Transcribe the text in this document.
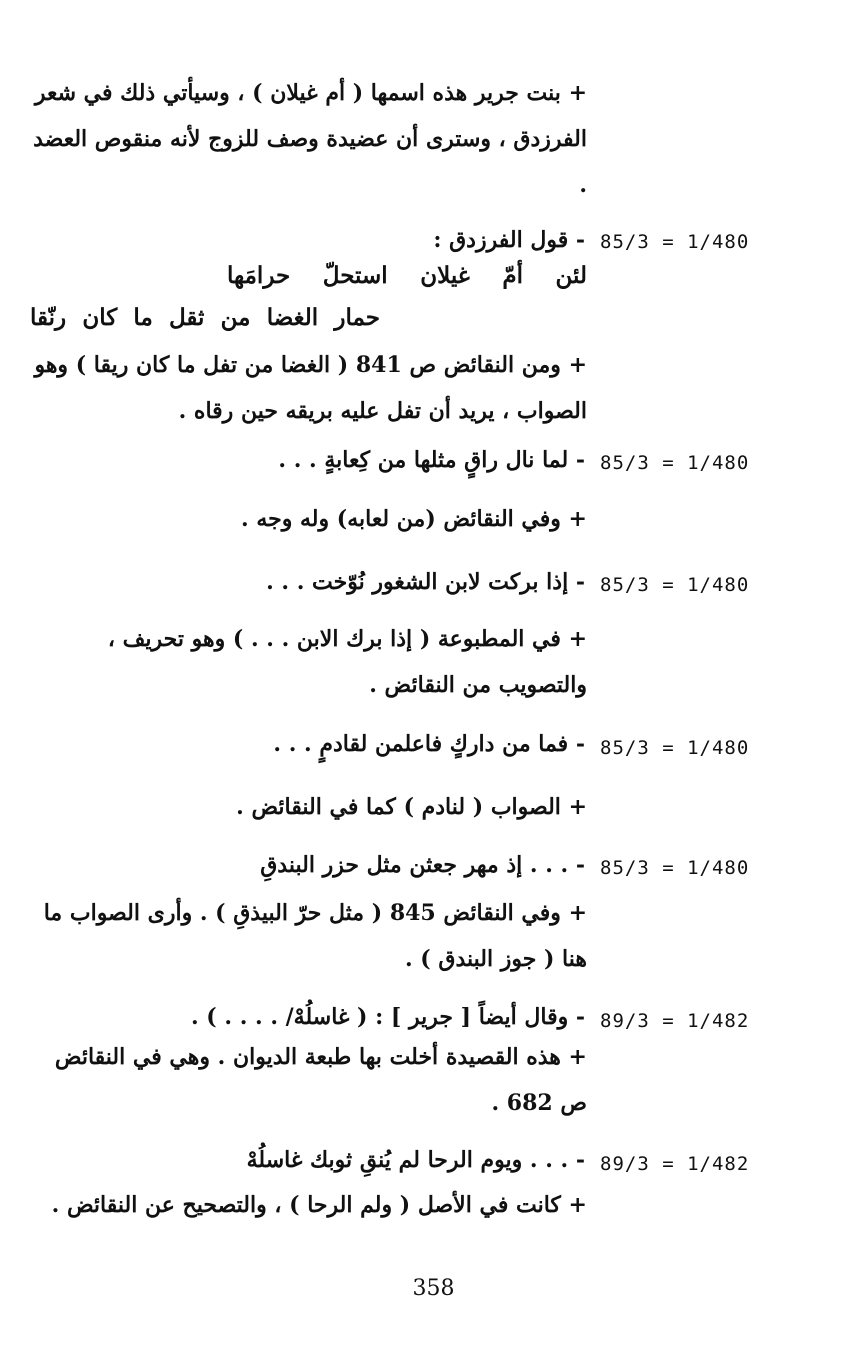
+ بنت جرير هذه اسمها ( أم غيلان ) ، وسيأتي ذلك في شعر الفرزدق ، وسترى أن عضيدة وصف للزوج لأنه منقوص العضد .
85/3 = 1/480
- قول الفرزدق :
لئن أمّ غيلان استحلّ حرامَها
حمار الغضا من ثقل ما كان رنّقا
+ ومن النقائض ص 841 ( الغضا من تفل ما كان ريقا ) وهو الصواب ، يريد أن تفل عليه بريقه حين رقاه .
85/3 = 1/480
- لما نال راقٍ مثلها من كِعابةٍ . . .
+ وفي النقائض (من لعابه) وله وجه .
85/3 = 1/480
- إذا بركت لابن الشغور نُوّخت . . .
+ في المطبوعة ( إذا برك الابن . . . ) وهو تحريف ، والتصويب من النقائض .
85/3 = 1/480
- فما من داركٍ فاعلمن لقادمٍ . . .
+ الصواب ( لنادم ) كما في النقائض .
85/3 = 1/480
- . . . إذ مهر جعثن مثل حزر البندقِ
+ وفي النقائض 845 ( مثل حرّ البيذقِ ) . وأرى الصواب ما هنا ( جوز البندق ) .
89/3 = 1/482
- وقال أيضاً [ جرير ] : ( غاسلُهْ/ . . . . ) .
+ هذه القصيدة أخلت بها طبعة الديوان . وهي في النقائض ص 682 .
89/3 = 1/482
- . . . ويوم الرحا لم يُنقِ ثوبك غاسلُهْ
+ كانت في الأصل ( ولم الرحا ) ، والتصحيح عن النقائض .
358
